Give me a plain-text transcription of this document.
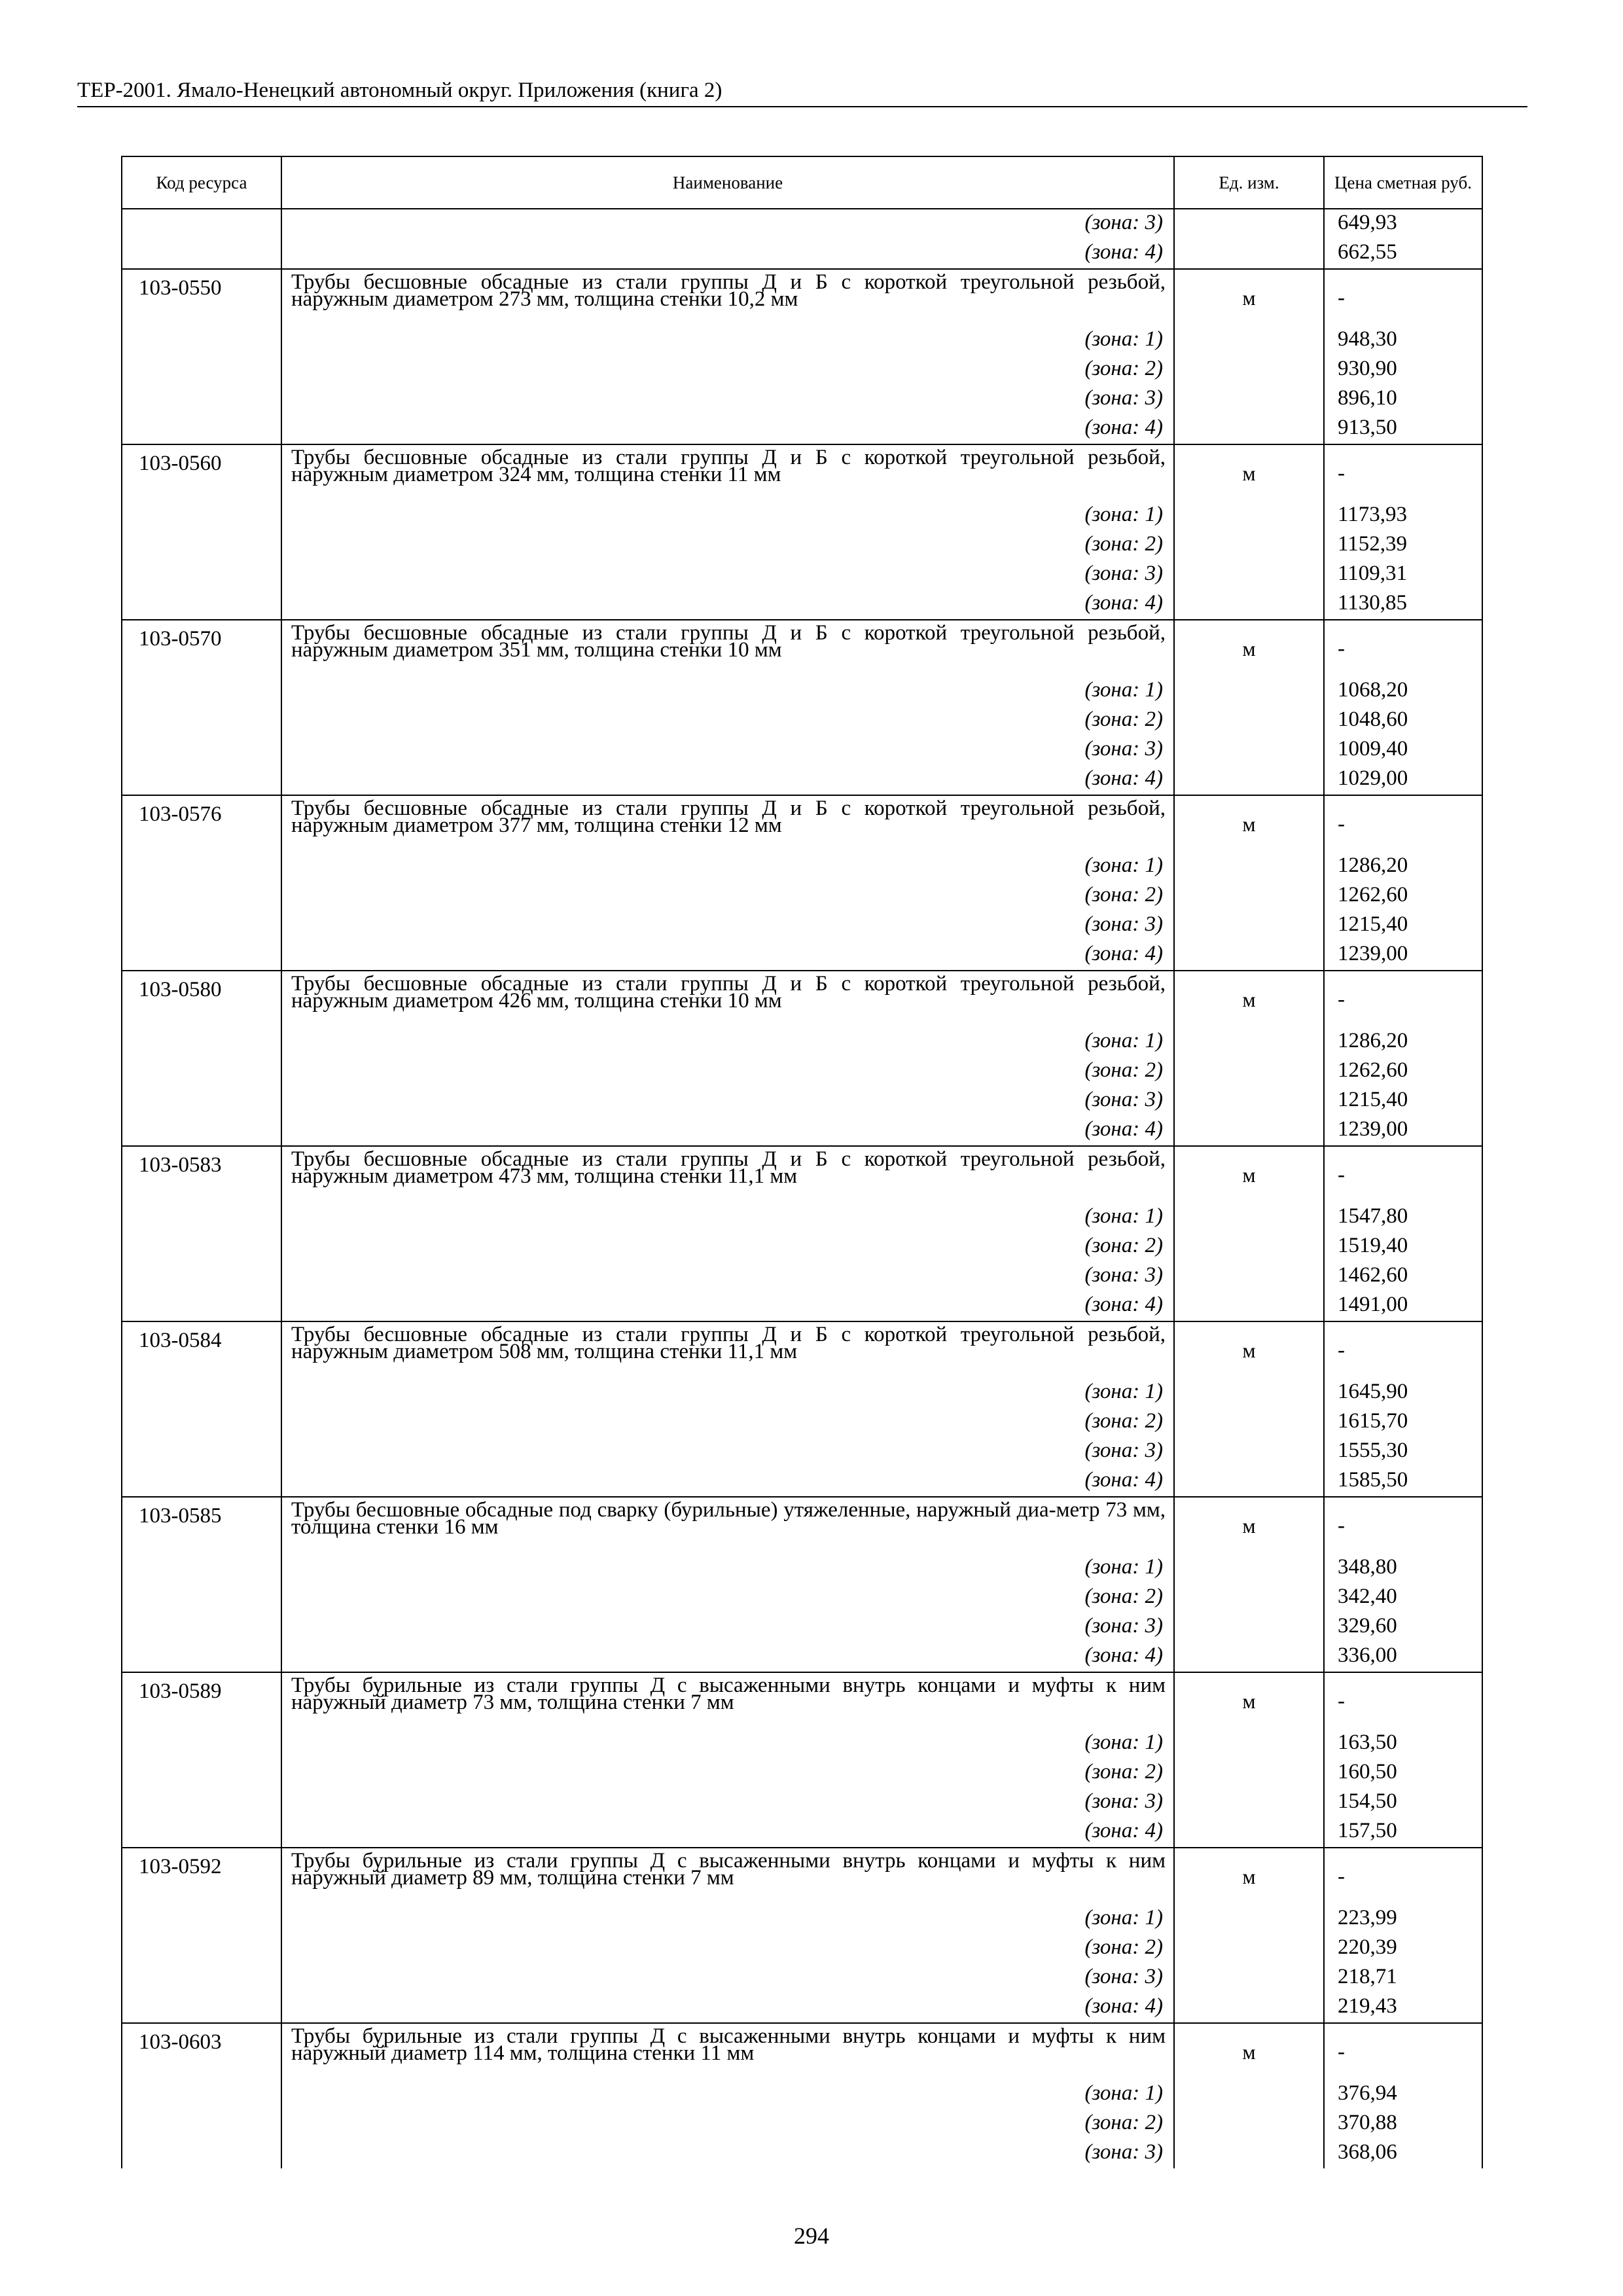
ТЕР-2001. Ямало-Ненецкий автономный округ. Приложения (книга 2)
Код ресурса	Наименование	Ед. изм.	Цена сметная руб.
	(зона: 3)		649,93
	(зона: 4)		662,55
103-0550	Трубы бесшовные обсадные из стали группы Д и Б с короткой треугольной резьбой, наружным диаметром 273 мм, толщина стенки 10,2 мм	м	-
	(зона: 1)		948,30
	(зона: 2)		930,90
	(зона: 3)		896,10
	(зона: 4)		913,50
103-0560	Трубы бесшовные обсадные из стали группы Д и Б с короткой треугольной резьбой, наружным диаметром 324 мм, толщина стенки 11 мм	м	-
	(зона: 1)		1173,93
	(зона: 2)		1152,39
	(зона: 3)		1109,31
	(зона: 4)		1130,85
103-0570	Трубы бесшовные обсадные из стали группы Д и Б с короткой треугольной резьбой, наружным диаметром 351 мм, толщина стенки 10 мм	м	-
	(зона: 1)		1068,20
	(зона: 2)		1048,60
	(зона: 3)		1009,40
	(зона: 4)		1029,00
103-0576	Трубы бесшовные обсадные из стали группы Д и Б с короткой треугольной резьбой, наружным диаметром 377 мм, толщина стенки 12 мм	м	-
	(зона: 1)		1286,20
	(зона: 2)		1262,60
	(зона: 3)		1215,40
	(зона: 4)		1239,00
103-0580	Трубы бесшовные обсадные из стали группы Д и Б с короткой треугольной резьбой, наружным диаметром 426 мм, толщина стенки 10 мм	м	-
	(зона: 1)		1286,20
	(зона: 2)		1262,60
	(зона: 3)		1215,40
	(зона: 4)		1239,00
103-0583	Трубы бесшовные обсадные из стали группы Д и Б с короткой треугольной резьбой, наружным диаметром 473 мм, толщина стенки 11,1 мм	м	-
	(зона: 1)		1547,80
	(зона: 2)		1519,40
	(зона: 3)		1462,60
	(зона: 4)		1491,00
103-0584	Трубы бесшовные обсадные из стали группы Д и Б с короткой треугольной резьбой, наружным диаметром 508 мм, толщина стенки 11,1 мм	м	-
	(зона: 1)		1645,90
	(зона: 2)		1615,70
	(зона: 3)		1555,30
	(зона: 4)		1585,50
103-0585	Трубы бесшовные обсадные под сварку (бурильные) утяжеленные, наружный диа-метр 73 мм, толщина стенки 16 мм	м	-
	(зона: 1)		348,80
	(зона: 2)		342,40
	(зона: 3)		329,60
	(зона: 4)		336,00
103-0589	Трубы бурильные из стали группы Д с высаженными внутрь концами и муфты к ним наружный диаметр 73 мм, толщина стенки 7 мм	м	-
	(зона: 1)		163,50
	(зона: 2)		160,50
	(зона: 3)		154,50
	(зона: 4)		157,50
103-0592	Трубы бурильные из стали группы Д с высаженными внутрь концами и муфты к ним наружный диаметр 89 мм, толщина стенки 7 мм	м	-
	(зона: 1)		223,99
	(зона: 2)		220,39
	(зона: 3)		218,71
	(зона: 4)		219,43
103-0603	Трубы бурильные из стали группы Д с высаженными внутрь концами и муфты к ним наружный диаметр 114 мм, толщина стенки 11 мм	м	-
	(зона: 1)		376,94
	(зона: 2)		370,88
	(зона: 3)		368,06
294
